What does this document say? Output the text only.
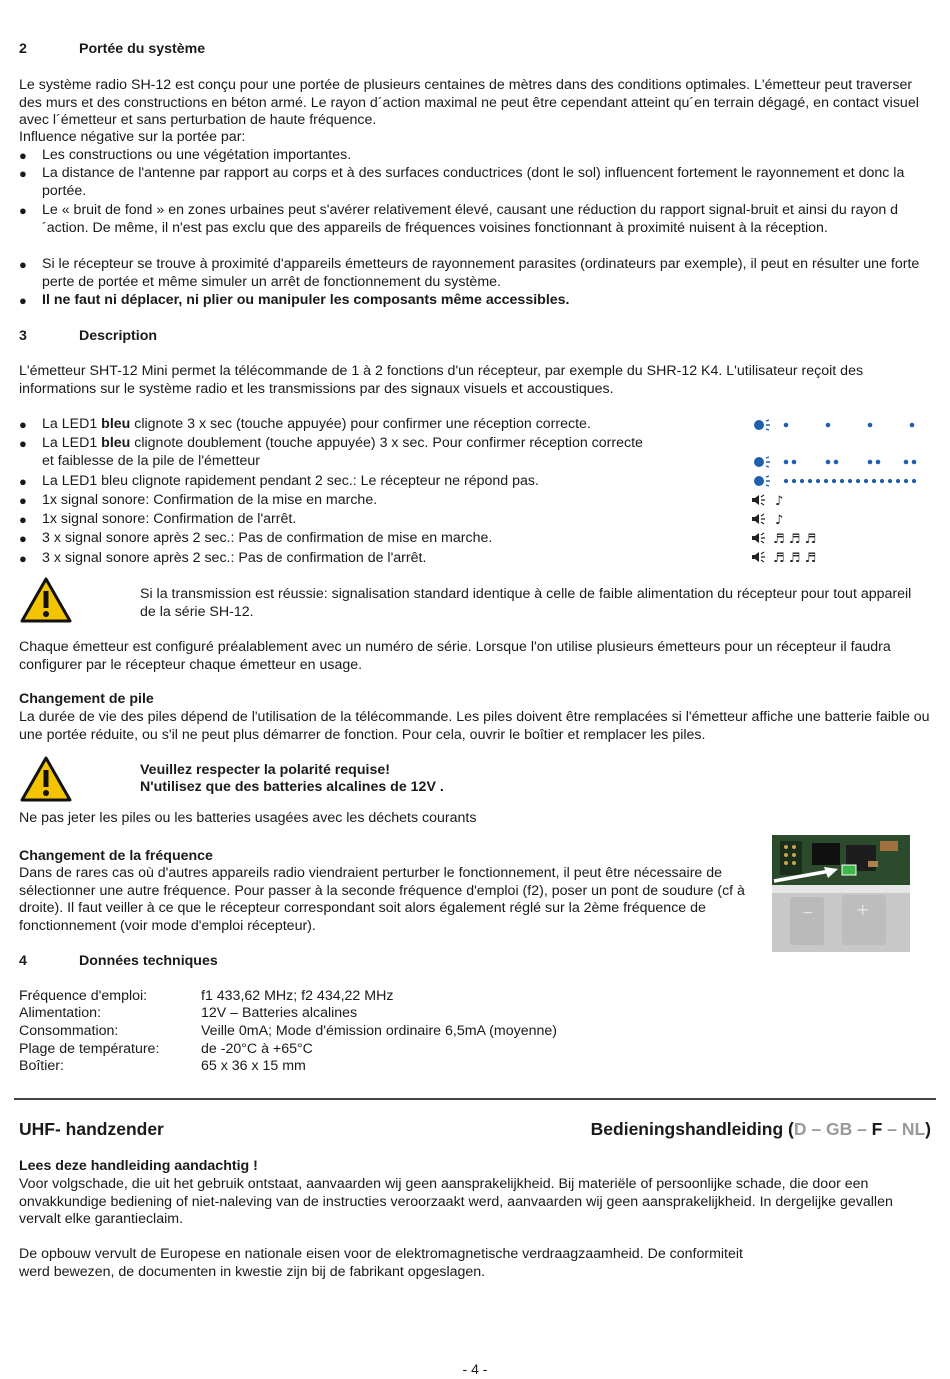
2	Portée du système
Le système radio SH-12 est conçu pour une portée de plusieurs centaines de mètres dans des conditions optimales. L'émetteur peut traverser des murs et des constructions en béton armé. Le rayon d´action maximal ne peut être cependant atteint qu´en terrain dégagé, en contact visuel avec l´émetteur et sans perturbation de haute fréquence.
Influence négative sur la portée par:
● Les constructions ou une végétation importantes.
● La distance de l'antenne par rapport au corps et à des surfaces conductrices (dont le sol) influencent fortement le rayonnement et donc la portée.
● Le « bruit de fond » en zones urbaines peut s'avérer relativement élevé, causant une réduction du rapport signal-bruit et ainsi du rayon d´action. De même, il n'est pas exclu que des appareils de fréquences voisines fonctionnant à proximité nuisent à la réception.
● Si le récepteur se trouve à proximité d'appareils émetteurs de rayonnement parasites (ordinateurs par exemple), il peut en résulter une forte perte de portée et même simuler un arrêt de fonctionnement du système.
● Il ne faut ni déplacer, ni plier ou manipuler les composants même accessibles.
3	Description
L'émetteur SHT-12 Mini permet la télécommande de 1 à 2 fonctions d'un récepteur, par exemple du SHR-12 K4. L'utilisateur reçoit des informations sur le système radio et les transmissions par des signaux visuels et accoustiques.
● La LED1 bleu clignote 3 x sec (touche appuyée) pour confirmer une réception correcte.
● La LED1 bleu clignote doublement (touche appuyée) 3 x sec. Pour confirmer réception correcte
et faiblesse de la pile de l'émetteur
● La LED1 bleu clignote rapidement pendant 2 sec.: Le récepteur ne répond pas.
● 1x signal sonore: Confirmation de la mise en marche.
● 1x signal sonore: Confirmation de l'arrêt.
● 3 x signal sonore après 2 sec.: Pas de confirmation de mise en marche.
● 3 x signal sonore après 2 sec.: Pas de confirmation de l'arrêt.
♪
♪
♬ ♬ ♬
♬ ♬ ♬
Si la transmission est réussie: signalisation standard identique à celle de faible alimentation du récepteur pour tout appareil de la série SH-12.
Chaque émetteur est configuré préalablement avec un numéro de série. Lorsque l'on utilise plusieurs émetteurs pour un récepteur il faudra configurer par le récepteur chaque émetteur en usage.
Changement de pile
La durée de vie des piles dépend de l'utilisation de la télécommande. Les piles doivent être remplacées si l'émetteur affiche une batterie faible ou une portée réduite, ou s'il ne peut plus démarrer de fonction. Pour cela, ouvrir le boîtier et remplacer les piles.
Veuillez respecter la polarité requise!
N'utilisez que des batteries alcalines de 12V .
Ne pas jeter les piles ou les batteries usagées avec les déchets courants
Changement de la fréquence
Dans de rares cas où d'autres appareils radio viendraient perturber le fonctionnement, il peut être nécessaire de sélectionner une autre fréquence. Pour passer à la seconde fréquence d'emploi (f2), poser un pont de soudure (cf à droite). Il faut veiller à ce que le récepteur correspondant soit alors également réglé sur la 2ème fréquence de fonctionnement (voir mode d'emploi récepteur).
−	+
4	Données techniques
Fréquence d'emploi:	f1 433,62 MHz; f2 434,22 MHz
Alimentation:	12V – Batteries alcalines
Consommation:	Veille 0mA; Mode d'émission ordinaire 6,5mA (moyenne)
Plage de température:	de -20°C à +65°C
Boîtier:	65 x 36 x 15 mm
UHF- handzender	Bedieningshandleiding (D – GB – F – NL)
Lees deze handleiding aandachtig !
Voor volgschade, die uit het gebruik ontstaat, aanvaarden wij geen aansprakelijkheid. Bij materiële of persoonlijke schade, die door een onvakkundige bediening of niet-naleving van de instructies veroorzaakt werd, aanvaarden wij geen aansprakelijkheid. In dergelijke gevallen vervalt elke garantieclaim.
De opbouw vervult de Europese en nationale eisen voor de elektromagnetische verdraagzaamheid. De conformiteit
werd bewezen, de documenten in kwestie zijn bij de fabrikant opgeslagen.
- 4 -
